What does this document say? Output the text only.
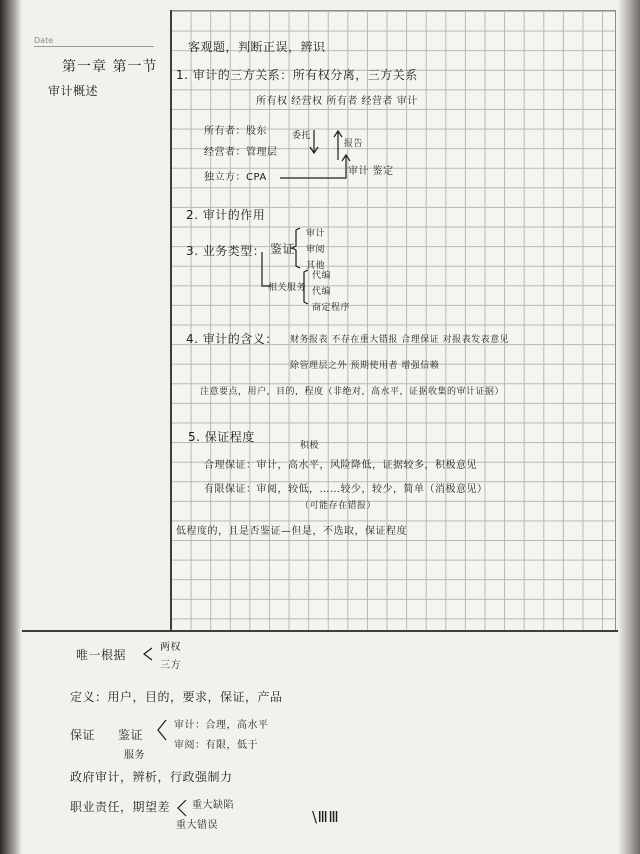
Date
第一章 第一节
审计概述
客观题，判断正误，辨识
1. 审计的三方关系：所有权分离，三方关系
所有权 经营权 所有者 经营者 审计
所有者：股东
经营者：管理层
独立方：CPA
委托
报告
审计 鉴定
2. 审计的作用
3. 业务类型： 鉴证
审计
审阅
其他
相关服务
代编
代编
商定程序
4. 审计的含义： 财务报表 不存在重大错报 合理保证 对报表发表意见
除管理层之外 预期使用者 增强信赖
注意要点，用户，目的，程度（非绝对，高水平，证据收集的审计证据）
5. 保证程度
积极
合理保证：审计，高水平，风险降低，证据较多，积极意见
有限保证：审阅，较低，……较少，较少，简单（消极意见）
（可能存在错报）
低程度的，且是否鉴证—但是，不选取，保证程度
唯一根据
两权
三方
定义：用户，目的，要求，保证，产品
保证 鉴证
服务
审计：合理，高水平
审阅：有限，低于
政府审计，辨析，行政强制力
职业责任，期望差 重大缺陷
重大错误	\ⅢⅢ
